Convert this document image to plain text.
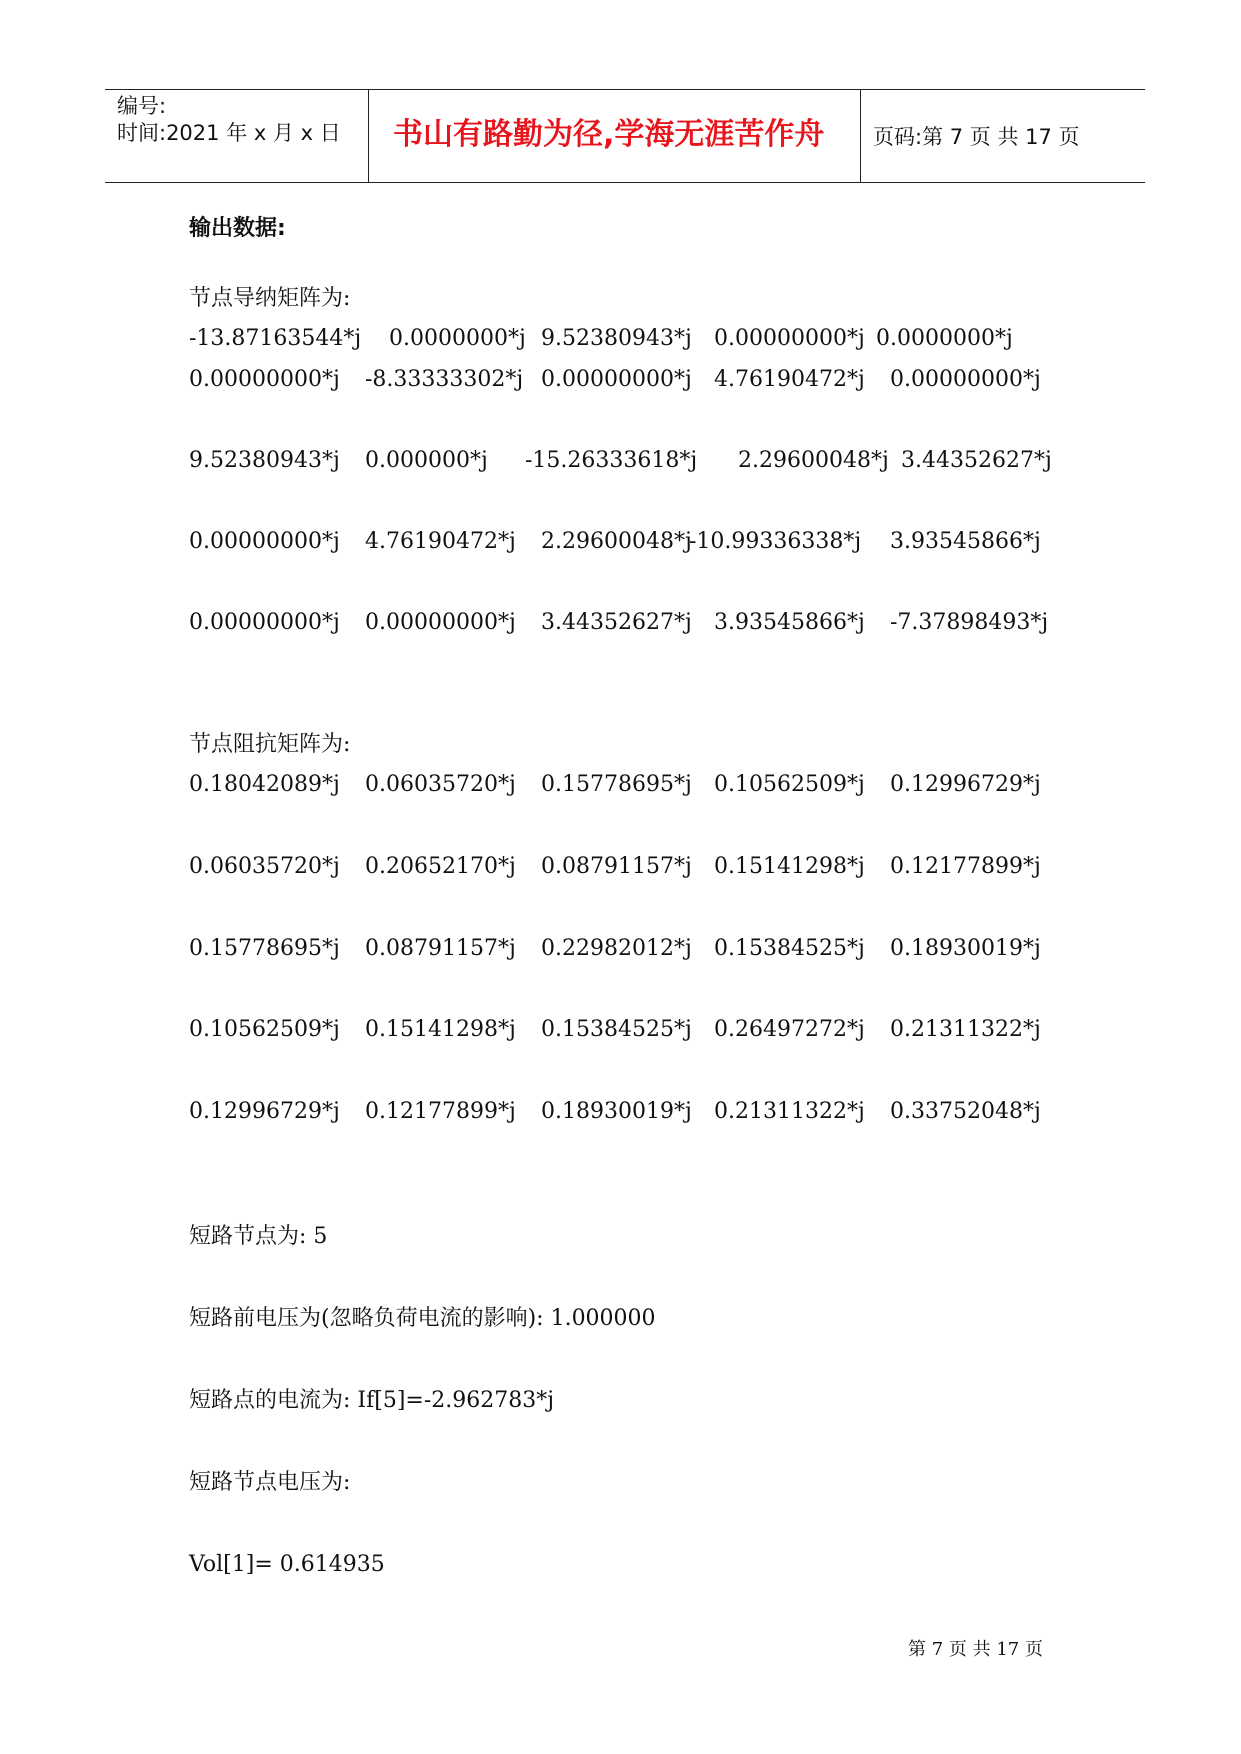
编号:
时间:2021 年 x 月 x 日 书山有路勤为径,学海无涯苦作舟 页码:第 7 页 共 17 页
输出数据:
节点导纳矩阵为:
-13.87163544*j 0.0000000*j 9.52380943*j 0.00000000*j 0.0000000*j
0.00000000*j -8.33333302*j 0.00000000*j 4.76190472*j 0.00000000*j
9.52380943*j 0.000000*j -15.26333618*j 2.29600048*j 3.44352627*j
0.00000000*j 4.76190472*j 2.29600048*j
-10.99336338*j 3.93545866*j
0.00000000*j 0.00000000*j 3.44352627*j 3.93545866*j -7.37898493*j
节点阻抗矩阵为:
0.18042089*j 0.06035720*j 0.15778695*j 0.10562509*j 0.12996729*j
0.06035720*j 0.20652170*j 0.08791157*j 0.15141298*j 0.12177899*j
0.15778695*j 0.08791157*j 0.22982012*j 0.15384525*j 0.18930019*j
0.10562509*j 0.15141298*j 0.15384525*j 0.26497272*j 0.21311322*j
0.12996729*j 0.12177899*j 0.18930019*j 0.21311322*j 0.33752048*j
短路节点为: 5
短路前电压为(忽略负荷电流的影响): 1.000000
短路点的电流为: If[5]=-2.962783*j
短路节点电压为:
Vol[1]= 0.614935
第 7 页 共 17 页
